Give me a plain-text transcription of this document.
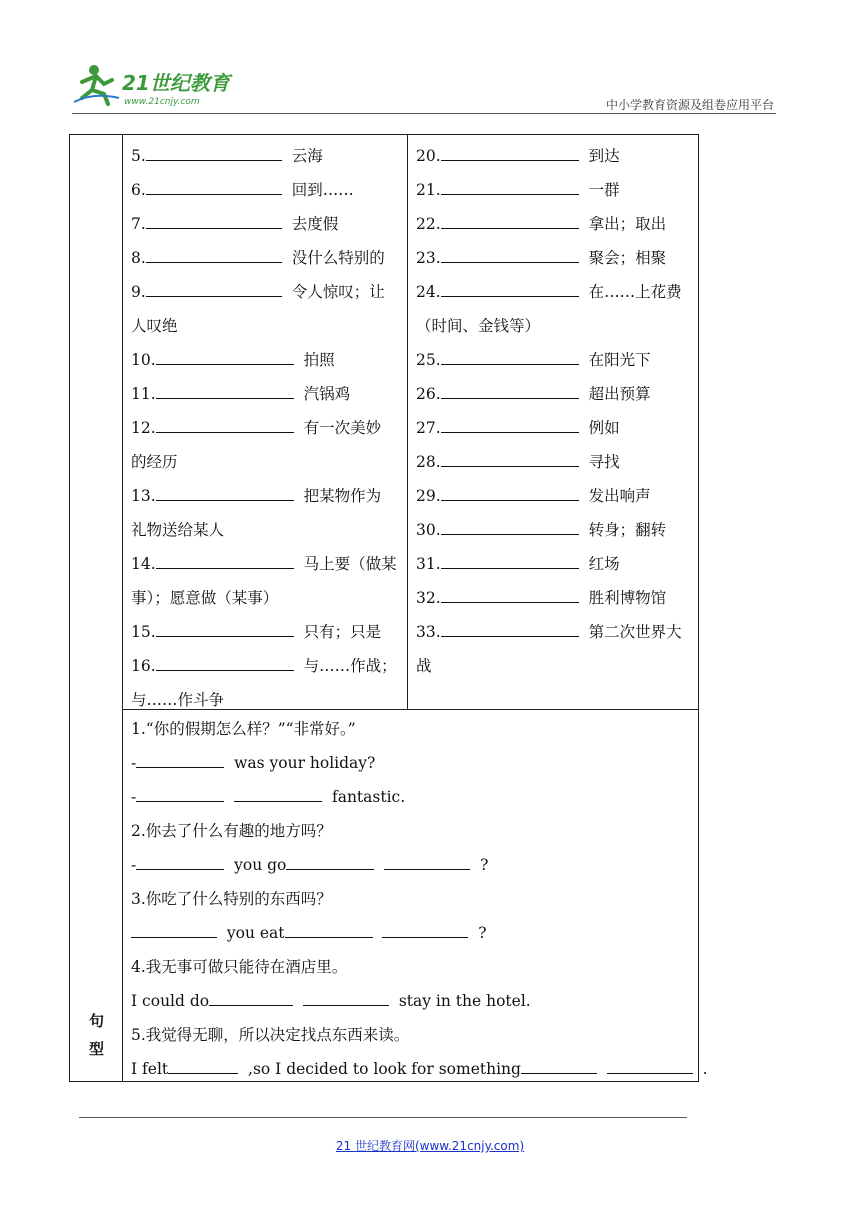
21世纪教育
www.21cnjy.com	中小学教育资源及组卷应用平台
5.	云海
6.	回到……
7.	去度假
8.	没什么特别的
9.	令人惊叹；让
人叹绝
10.	拍照
11.	汽锅鸡
12.	有一次美妙
的经历
13.	把某物作为
礼物送给某人
14.	马上要（做某
事）；愿意做（某事）
15.	只有；只是
16.	与……作战；
与……作斗争
20.	到达
21.	一群
22.	拿出；取出
23.	聚会；相聚
24.	在……上花费
（时间、金钱等）
25.	在阳光下
26.	超出预算
27.	例如
28.	寻找
29.	发出响声
30.	转身；翻转
31.	红场
32.	胜利博物馆
33.	第二次世界大
战
1.“你的假期怎么样？”“非常好。”
-	was your holiday?
-	fantastic.
2.你去了什么有趣的地方吗？
-	you go	?
3.你吃了什么特别的东西吗？
you eat	?
4.我无事可做只能待在酒店里。
I could do	stay in the hotel.
5.我觉得无聊，所以决定找点东西来读。
I felt	,so I decided to look for something	.
句
型
21 世纪教育网(www.21cnjy.com)
